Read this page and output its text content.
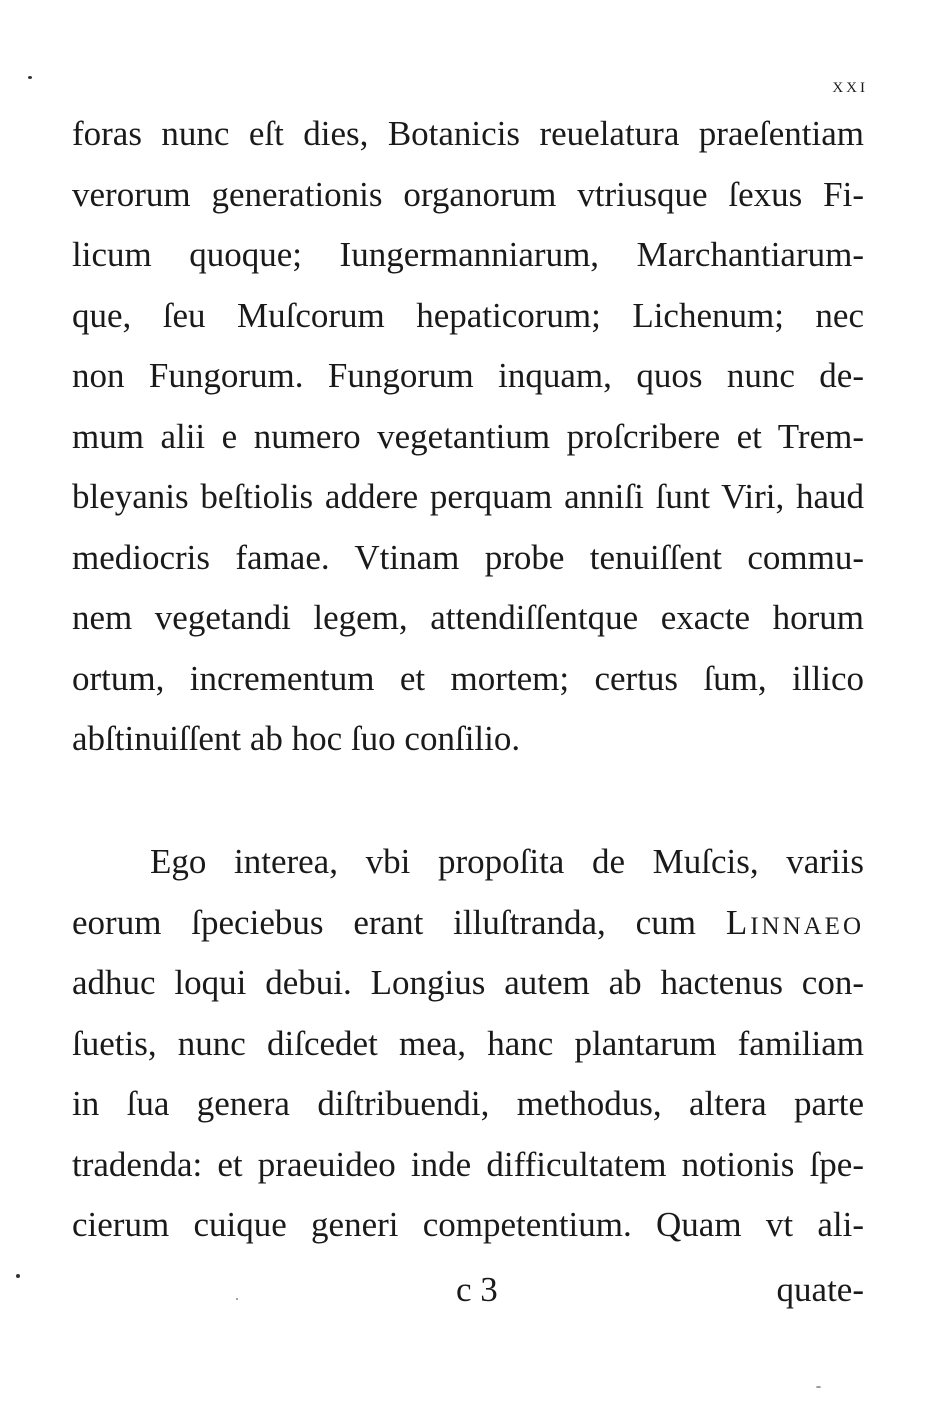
xxi
foras nunc eſt dies, Botanicis reuelatura praeſentiam
verorum generationis organorum vtriusque ſexus Fi-
licum quoque; Iungermanniarum, Marchantiarum-
que, ſeu Muſcorum hepaticorum; Lichenum; nec
non Fungorum. Fungorum inquam, quos nunc de-
mum alii e numero vegetantium proſcribere et Trem-
bleyanis beſtiolis addere perquam anniſi ſunt Viri, haud
mediocris famae. Vtinam probe tenuiſſent commu-
nem vegetandi legem, attendiſſentque exacte horum
ortum, incrementum et mortem; certus ſum, illico
abſtinuiſſent ab hoc ſuo conſilio.
Ego interea, vbi propoſita de Muſcis, variis
eorum ſpeciebus erant illuſtranda, cum Linnaeo
adhuc loqui debui. Longius autem ab hactenus con-
ſuetis, nunc diſcedet mea, hanc plantarum familiam
in ſua genera diſtribuendi, methodus, altera parte
tradenda: et praeuideo inde difficultatem notionis ſpe-
cierum cuique generi competentium. Quam vt ali-
c 3	quate-
